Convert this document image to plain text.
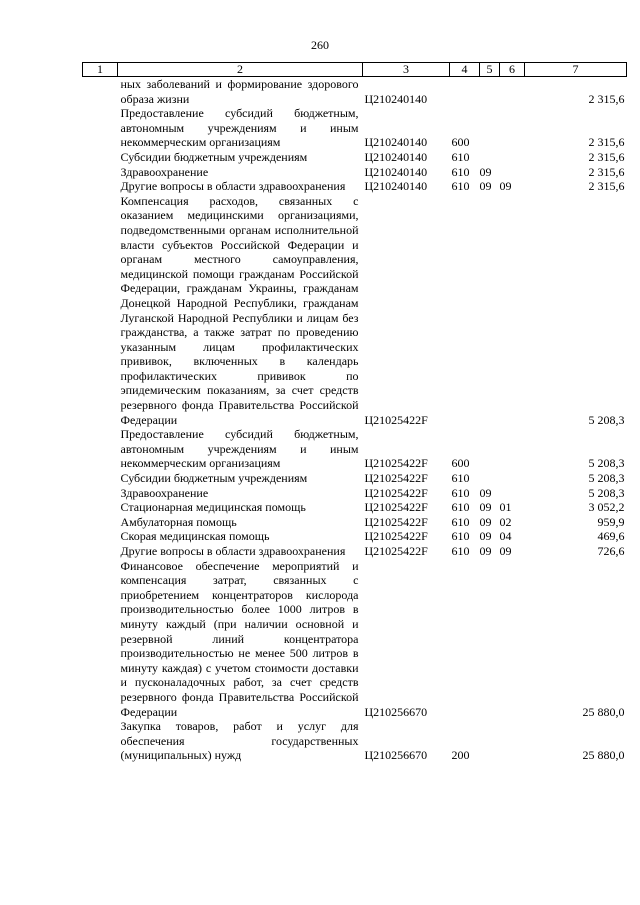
260
1	2	3	4	5	6	7
	ных заболеваний и формирование здорового образа жизни	Ц210240140				2 315,6
	Предоставление субсидий бюджетным, автономным учреждениям и иным некоммерческим организациям	Ц210240140	600			2 315,6
	Субсидии бюджетным учреждениям	Ц210240140	610			2 315,6
	Здравоохранение	Ц210240140	610	09		2 315,6
	Другие вопросы в области здравоохранения	Ц210240140	610	09	09	2 315,6
	Компенсация расходов, связанных с оказанием медицинскими организациями, подведомственными органам исполнительной власти субъектов Российской Федерации и органам местного самоуправления, медицинской помощи гражданам Российской Федерации, гражданам Украины, гражданам Донецкой Народной Республики, гражданам Луганской Народной Республики и лицам без гражданства, а также затрат по проведению указанным лицам профилактических прививок, включенных в календарь профилактических прививок по эпидемическим показаниям, за счет средств резервного фонда Правительства Российской Федерации	Ц21025422F				5 208,3
	Предоставление субсидий бюджетным, автономным учреждениям и иным некоммерческим организациям	Ц21025422F	600			5 208,3
	Субсидии бюджетным учреждениям	Ц21025422F	610			5 208,3
	Здравоохранение	Ц21025422F	610	09		5 208,3
	Стационарная медицинская помощь	Ц21025422F	610	09	01	3 052,2
	Амбулаторная помощь	Ц21025422F	610	09	02	959,9
	Скорая медицинская помощь	Ц21025422F	610	09	04	469,6
	Другие вопросы в области здравоохранения	Ц21025422F	610	09	09	726,6
	Финансовое обеспечение мероприятий и компенсация затрат, связанных с приобретением концентраторов кислорода производительностью более 1000 литров в минуту каждый (при наличии основной и резервной линий концентратора производительностью не менее 500 литров в минуту каждая) с учетом стоимости доставки и пусконаладочных работ, за счет средств резервного фонда Правительства Российской Федерации	Ц210256670				25 880,0
	Закупка товаров, работ и услуг для обеспечения государственных (муниципальных) нужд	Ц210256670	200			25 880,0
